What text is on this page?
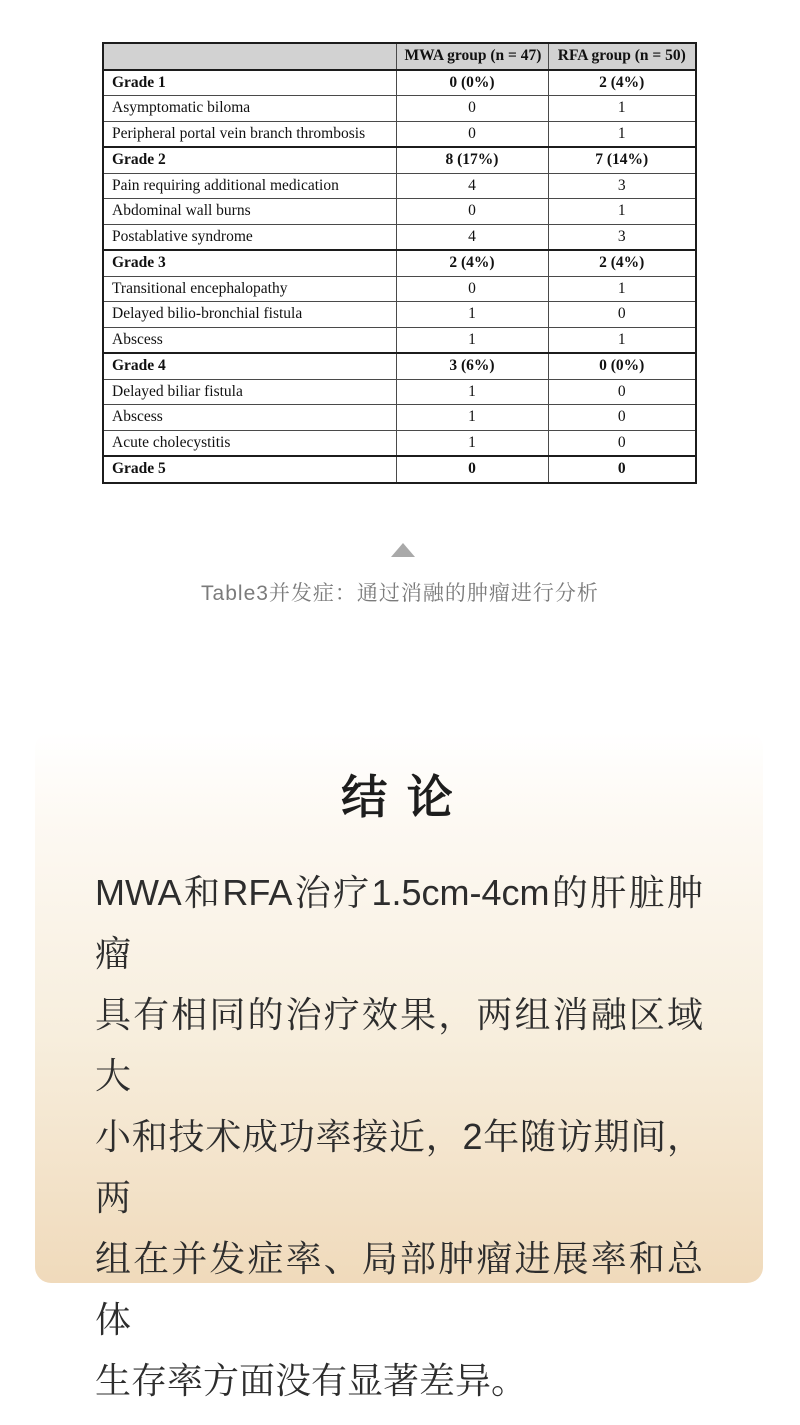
	MWA group (n = 47)	RFA group (n = 50)
Grade 1	0 (0%)	2 (4%)
Asymptomatic biloma	0	1
Peripheral portal vein branch thrombosis	0	1
Grade 2	8 (17%)	7 (14%)
Pain requiring additional medication	4	3
Abdominal wall burns	0	1
Postablative syndrome	4	3
Grade 3	2 (4%)	2 (4%)
Transitional encephalopathy	0	1
Delayed bilio-bronchial fistula	1	0
Abscess	1	1
Grade 4	3 (6%)	0 (0%)
Delayed biliar fistula	1	0
Abscess	1	0
Acute cholecystitis	1	0
Grade 5	0	0
Table3并发症：通过消融的肿瘤进行分析
结 论
MWA和RFA治疗1.5cm-4cm的肝脏肿瘤
具有相同的治疗效果，两组消融区域大
小和技术成功率接近，2年随访期间，两
组在并发症率、局部肿瘤进展率和总体
生存率方面没有显著差异。
